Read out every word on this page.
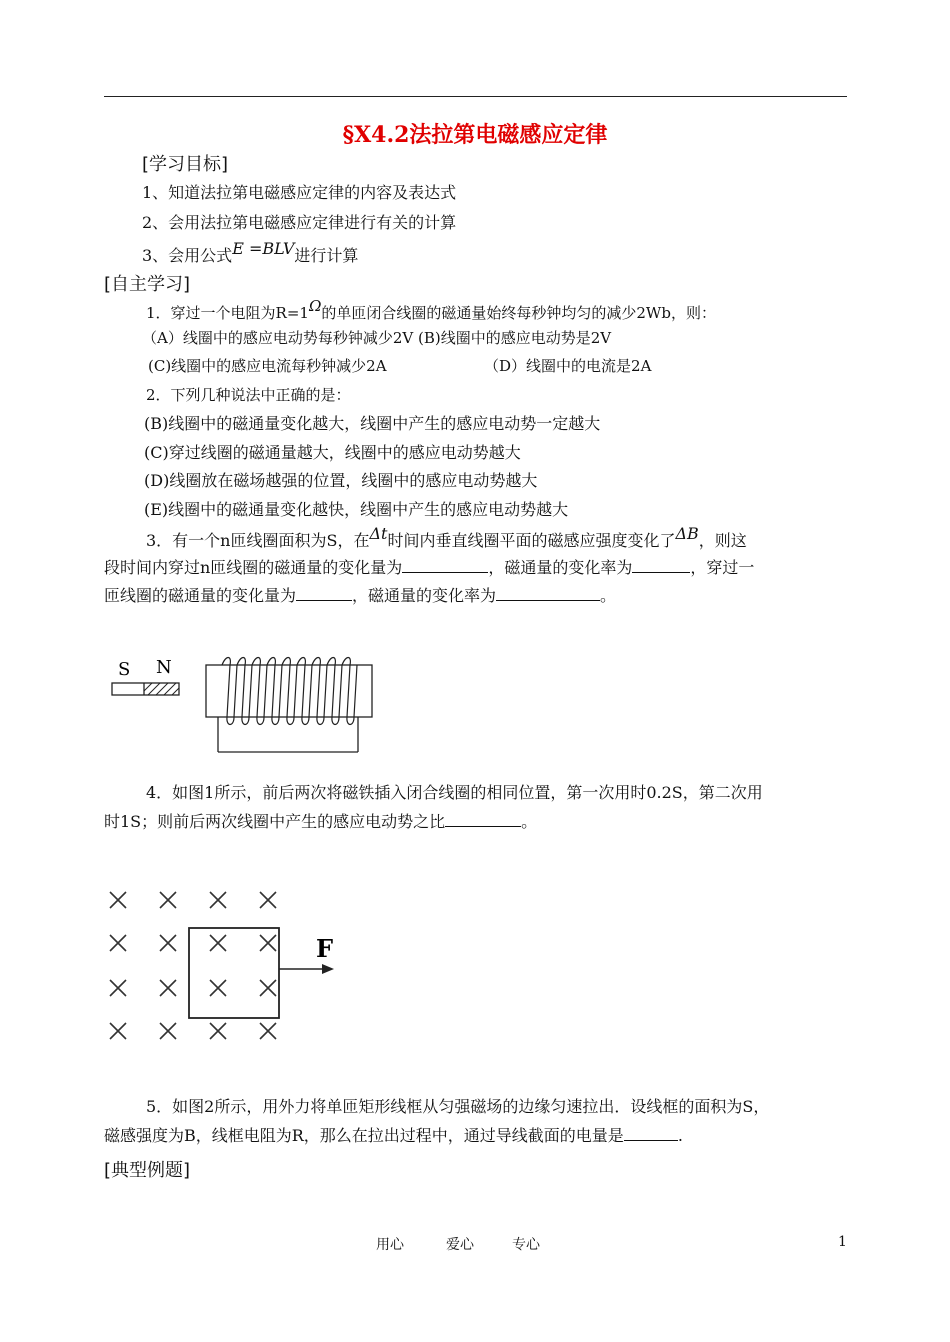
§X4.2法拉第电磁感应定律
[学习目标]
1、知道法拉第电磁感应定律的内容及表达式
2、会用法拉第电磁感应定律进行有关的计算
3、会用公式E =BLV进行计算
[自主学习]
1．穿过一个电阻为R=1Ω的单匝闭合线圈的磁通量始终每秒钟均匀的减少2Wb，则：
（A）线圈中的感应电动势每秒钟减少2V (B)线圈中的感应电动势是2V
(C)线圈中的感应电流每秒钟减少2A	（D）线圈中的电流是2A
2．下列几种说法中正确的是：
(B)线圈中的磁通量变化越大，线圈中产生的感应电动势一定越大
(C)穿过线圈的磁通量越大，线圈中的感应电动势越大
(D)线圈放在磁场越强的位置，线圈中的感应电动势越大
(E)线圈中的磁通量变化越快，线圈中产生的感应电动势越大
3．有一个n匝线圈面积为S，在Δt时间内垂直线圈平面的磁感应强度变化了ΔB，则这
段时间内穿过n匝线圈的磁通量的变化量为	，磁通量的变化率为	，穿过一
匝线圈的磁通量的变化量为	，磁通量的变化率为	。
S N
4．如图1所示，前后两次将磁铁插入闭合线圈的相同位置，第一次用时0.2S，第二次用
时1S；则前后两次线圈中产生的感应电动势之比	。
F
5．如图2所示，用外力将单匝矩形线框从匀强磁场的边缘匀速拉出．设线框的面积为S，
磁感强度为B，线框电阻为R，那么在拉出过程中，通过导线截面的电量是	.
[典型例题]
用心	爱心	专心	1
